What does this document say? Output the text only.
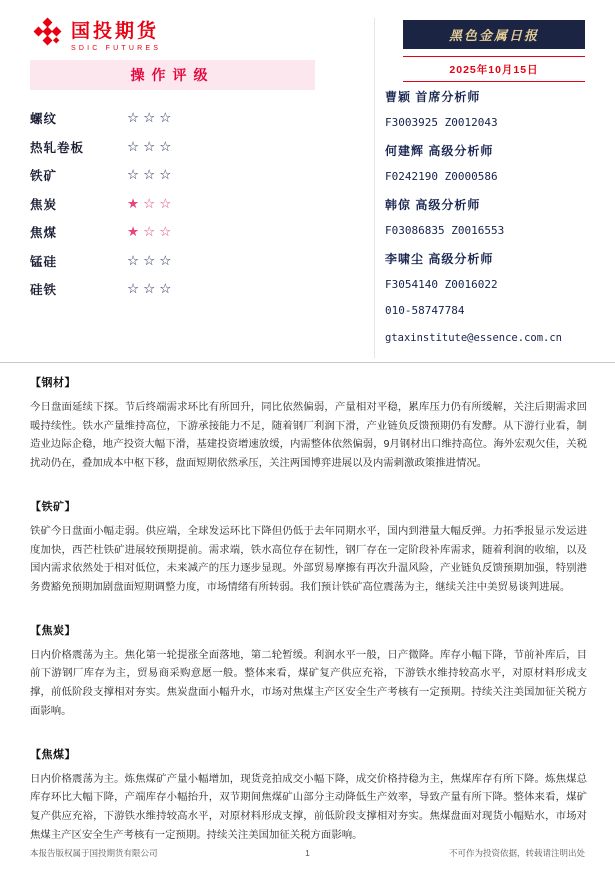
国投期货
SDIC FUTURES
黑色金属日报
2025年10月15日
操作评级
螺纹	☆☆☆
热轧卷板	☆☆☆
铁矿	☆☆☆
焦炭	★☆☆
焦煤	★☆☆
锰硅	☆☆☆
硅铁	☆☆☆
曹颖 首席分析师
F3003925 Z0012043
何建辉 高级分析师
F0242190 Z0000586
韩倞 高级分析师
F03086835 Z0016553
李啸尘 高级分析师
F3054140 Z0016022
010-58747784
gtaxinstitute@essence.com.cn
【钢材】
今日盘面延续下探。节后终端需求环比有所回升，同比依然偏弱，产量相对平稳，累库压力仍有所缓解，关注后期需求回暖持续性。铁水产量维持高位，下游承接能力不足，随着钢厂利润下滑，产业链负反馈预期仍有发酵。从下游行业看，制造业边际企稳，地产投资大幅下滑，基建投资增速放缓，内需整体依然偏弱，9月钢材出口维持高位。海外宏观欠佳，关税扰动仍在，叠加成本中枢下移，盘面短期依然承压，关注两国博弈进展以及内需刺激政策推进情况。
【铁矿】
铁矿今日盘面小幅走弱。供应端，全球发运环比下降但仍低于去年同期水平，国内到港量大幅反弹。力拓季报显示发运进度加快，西芒杜铁矿进展较预期提前。需求端，铁水高位存在韧性，钢厂存在一定阶段补库需求，随着利润的收缩，以及国内需求依然处于相对低位，未来减产的压力逐步显现。外部贸易摩擦有再次升温风险，产业链负反馈预期加强，特别港务费豁免预期加剧盘面短期调整力度，市场情绪有所转弱。我们预计铁矿高位震荡为主，继续关注中美贸易谈判进展。
【焦炭】
日内价格震荡为主。焦化第一轮提涨全面落地，第二轮暂缓。利润水平一般，日产微降。库存小幅下降，节前补库后，目前下游钢厂库存为主，贸易商采购意愿一般。整体来看，煤矿复产供应充裕，下游铁水维持较高水平，对原材料形成支撑，前低阶段支撑相对夯实。焦炭盘面小幅升水，市场对焦煤主产区安全生产考核有一定预期。持续关注美国加征关税方面影响。
【焦煤】
日内价格震荡为主。炼焦煤矿产量小幅增加，现货竞拍成交小幅下降，成交价格持稳为主，焦煤库存有所下降。炼焦煤总库存环比大幅下降，产端库存小幅抬升，双节期间焦煤矿山部分主动降低生产效率，导致产量有所下降。整体来看，煤矿复产供应充裕，下游铁水维持较高水平，对原材料形成支撑，前低阶段支撑相对夯实。焦煤盘面对现货小幅贴水，市场对焦煤主产区安全生产考核有一定预期。持续关注美国加征关税方面影响。
本报告版权属于国投期货有限公司	1	不可作为投资依据，转载请注明出处
